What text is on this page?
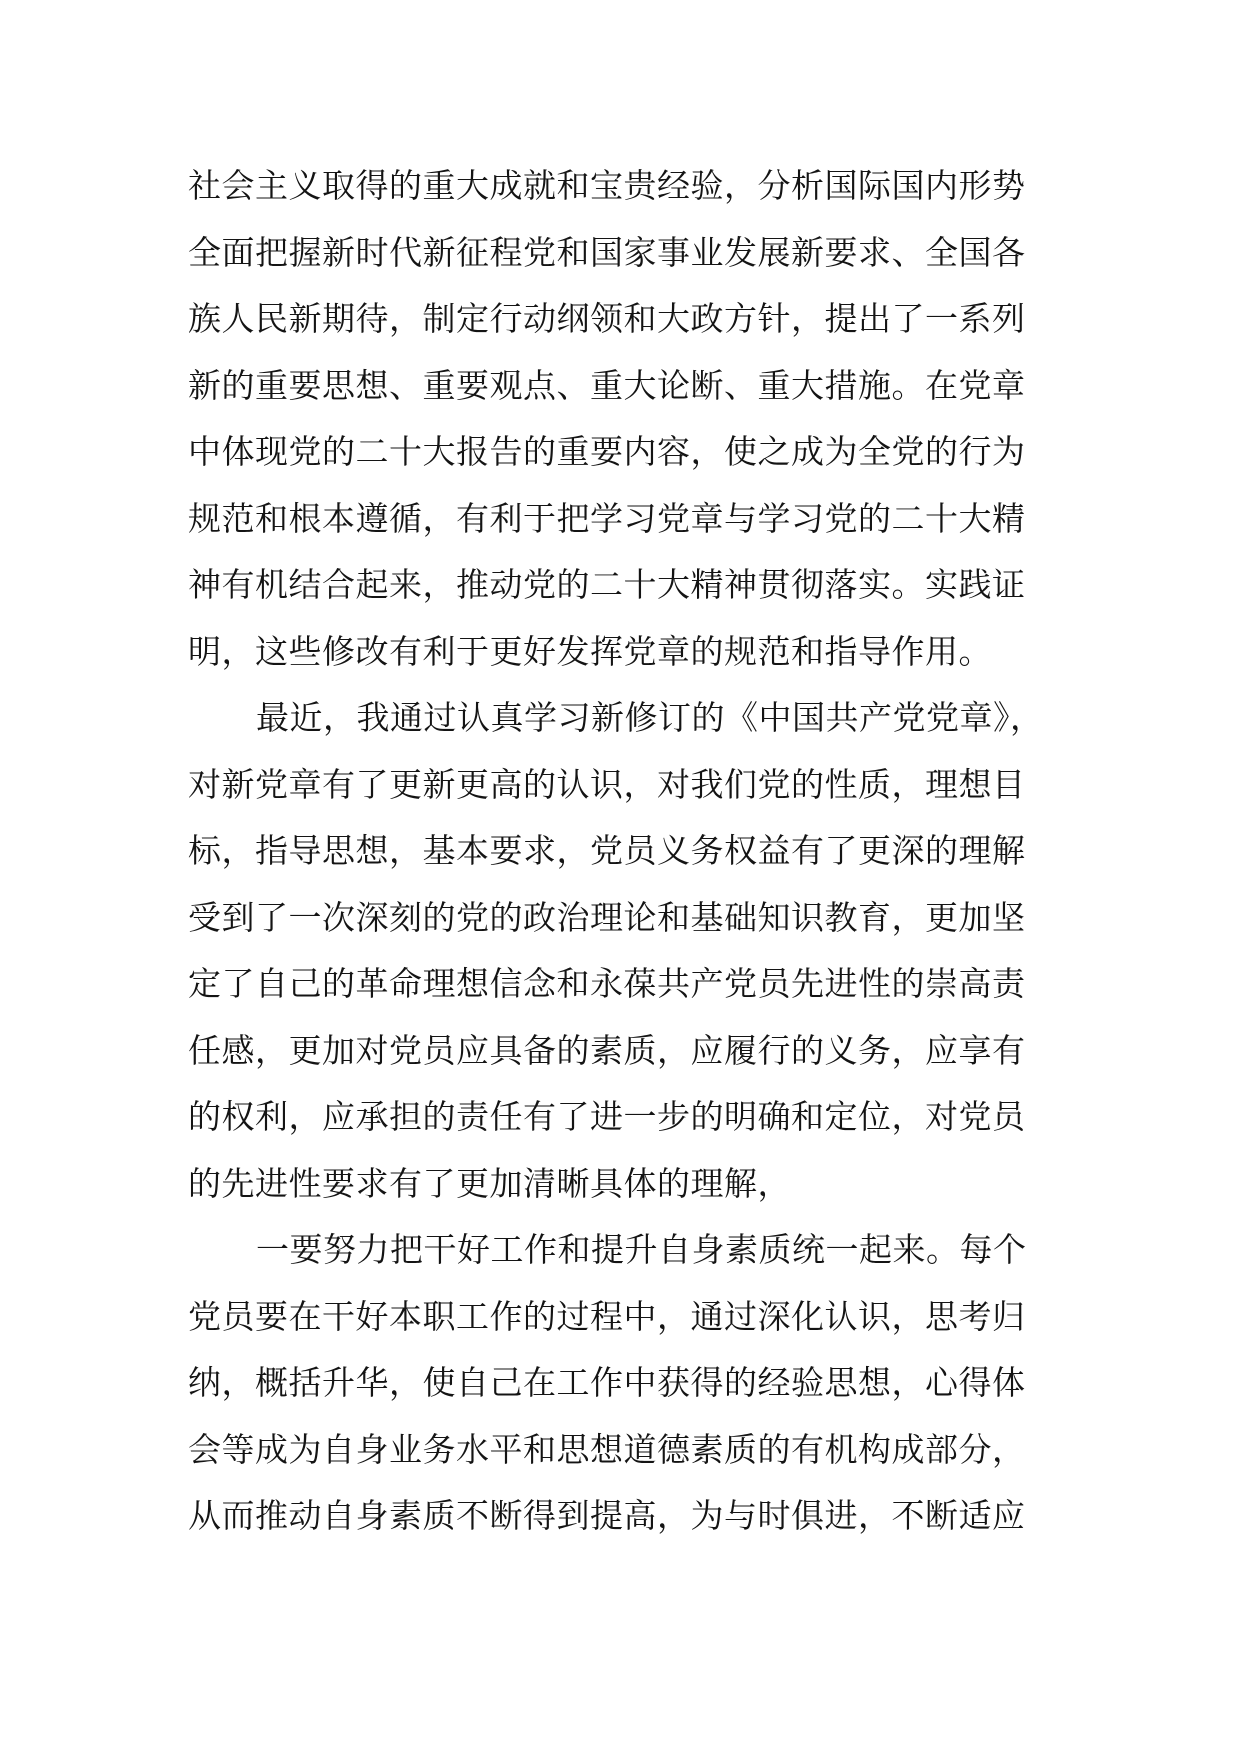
社会主义取得的重大成就和宝贵经验，分析国际国内形势
全面把握新时代新征程党和国家事业发展新要求、全国各
族人民新期待，制定行动纲领和大政方针，提出了一系列
新的重要思想、重要观点、重大论断、重大措施。在党章
中体现党的二十大报告的重要内容，使之成为全党的行为
规范和根本遵循，有利于把学习党章与学习党的二十大精
神有机结合起来，推动党的二十大精神贯彻落实。实践证
明，这些修改有利于更好发挥党章的规范和指导作用。
最近，我通过认真学习新修订的《中国共产党党章》，
对新党章有了更新更高的认识，对我们党的性质，理想目
标，指导思想，基本要求，党员义务权益有了更深的理解
受到了一次深刻的党的政治理论和基础知识教育，更加坚
定了自己的革命理想信念和永葆共产党员先进性的崇高责
任感，更加对党员应具备的素质，应履行的义务，应享有
的权利，应承担的责任有了进一步的明确和定位，对党员
的先进性要求有了更加清晰具体的理解，
一要努力把干好工作和提升自身素质统一起来。每个
党员要在干好本职工作的过程中，通过深化认识，思考归
纳，概括升华，使自己在工作中获得的经验思想，心得体
会等成为自身业务水平和思想道德素质的有机构成部分，
从而推动自身素质不断得到提高，为与时俱进，不断适应
